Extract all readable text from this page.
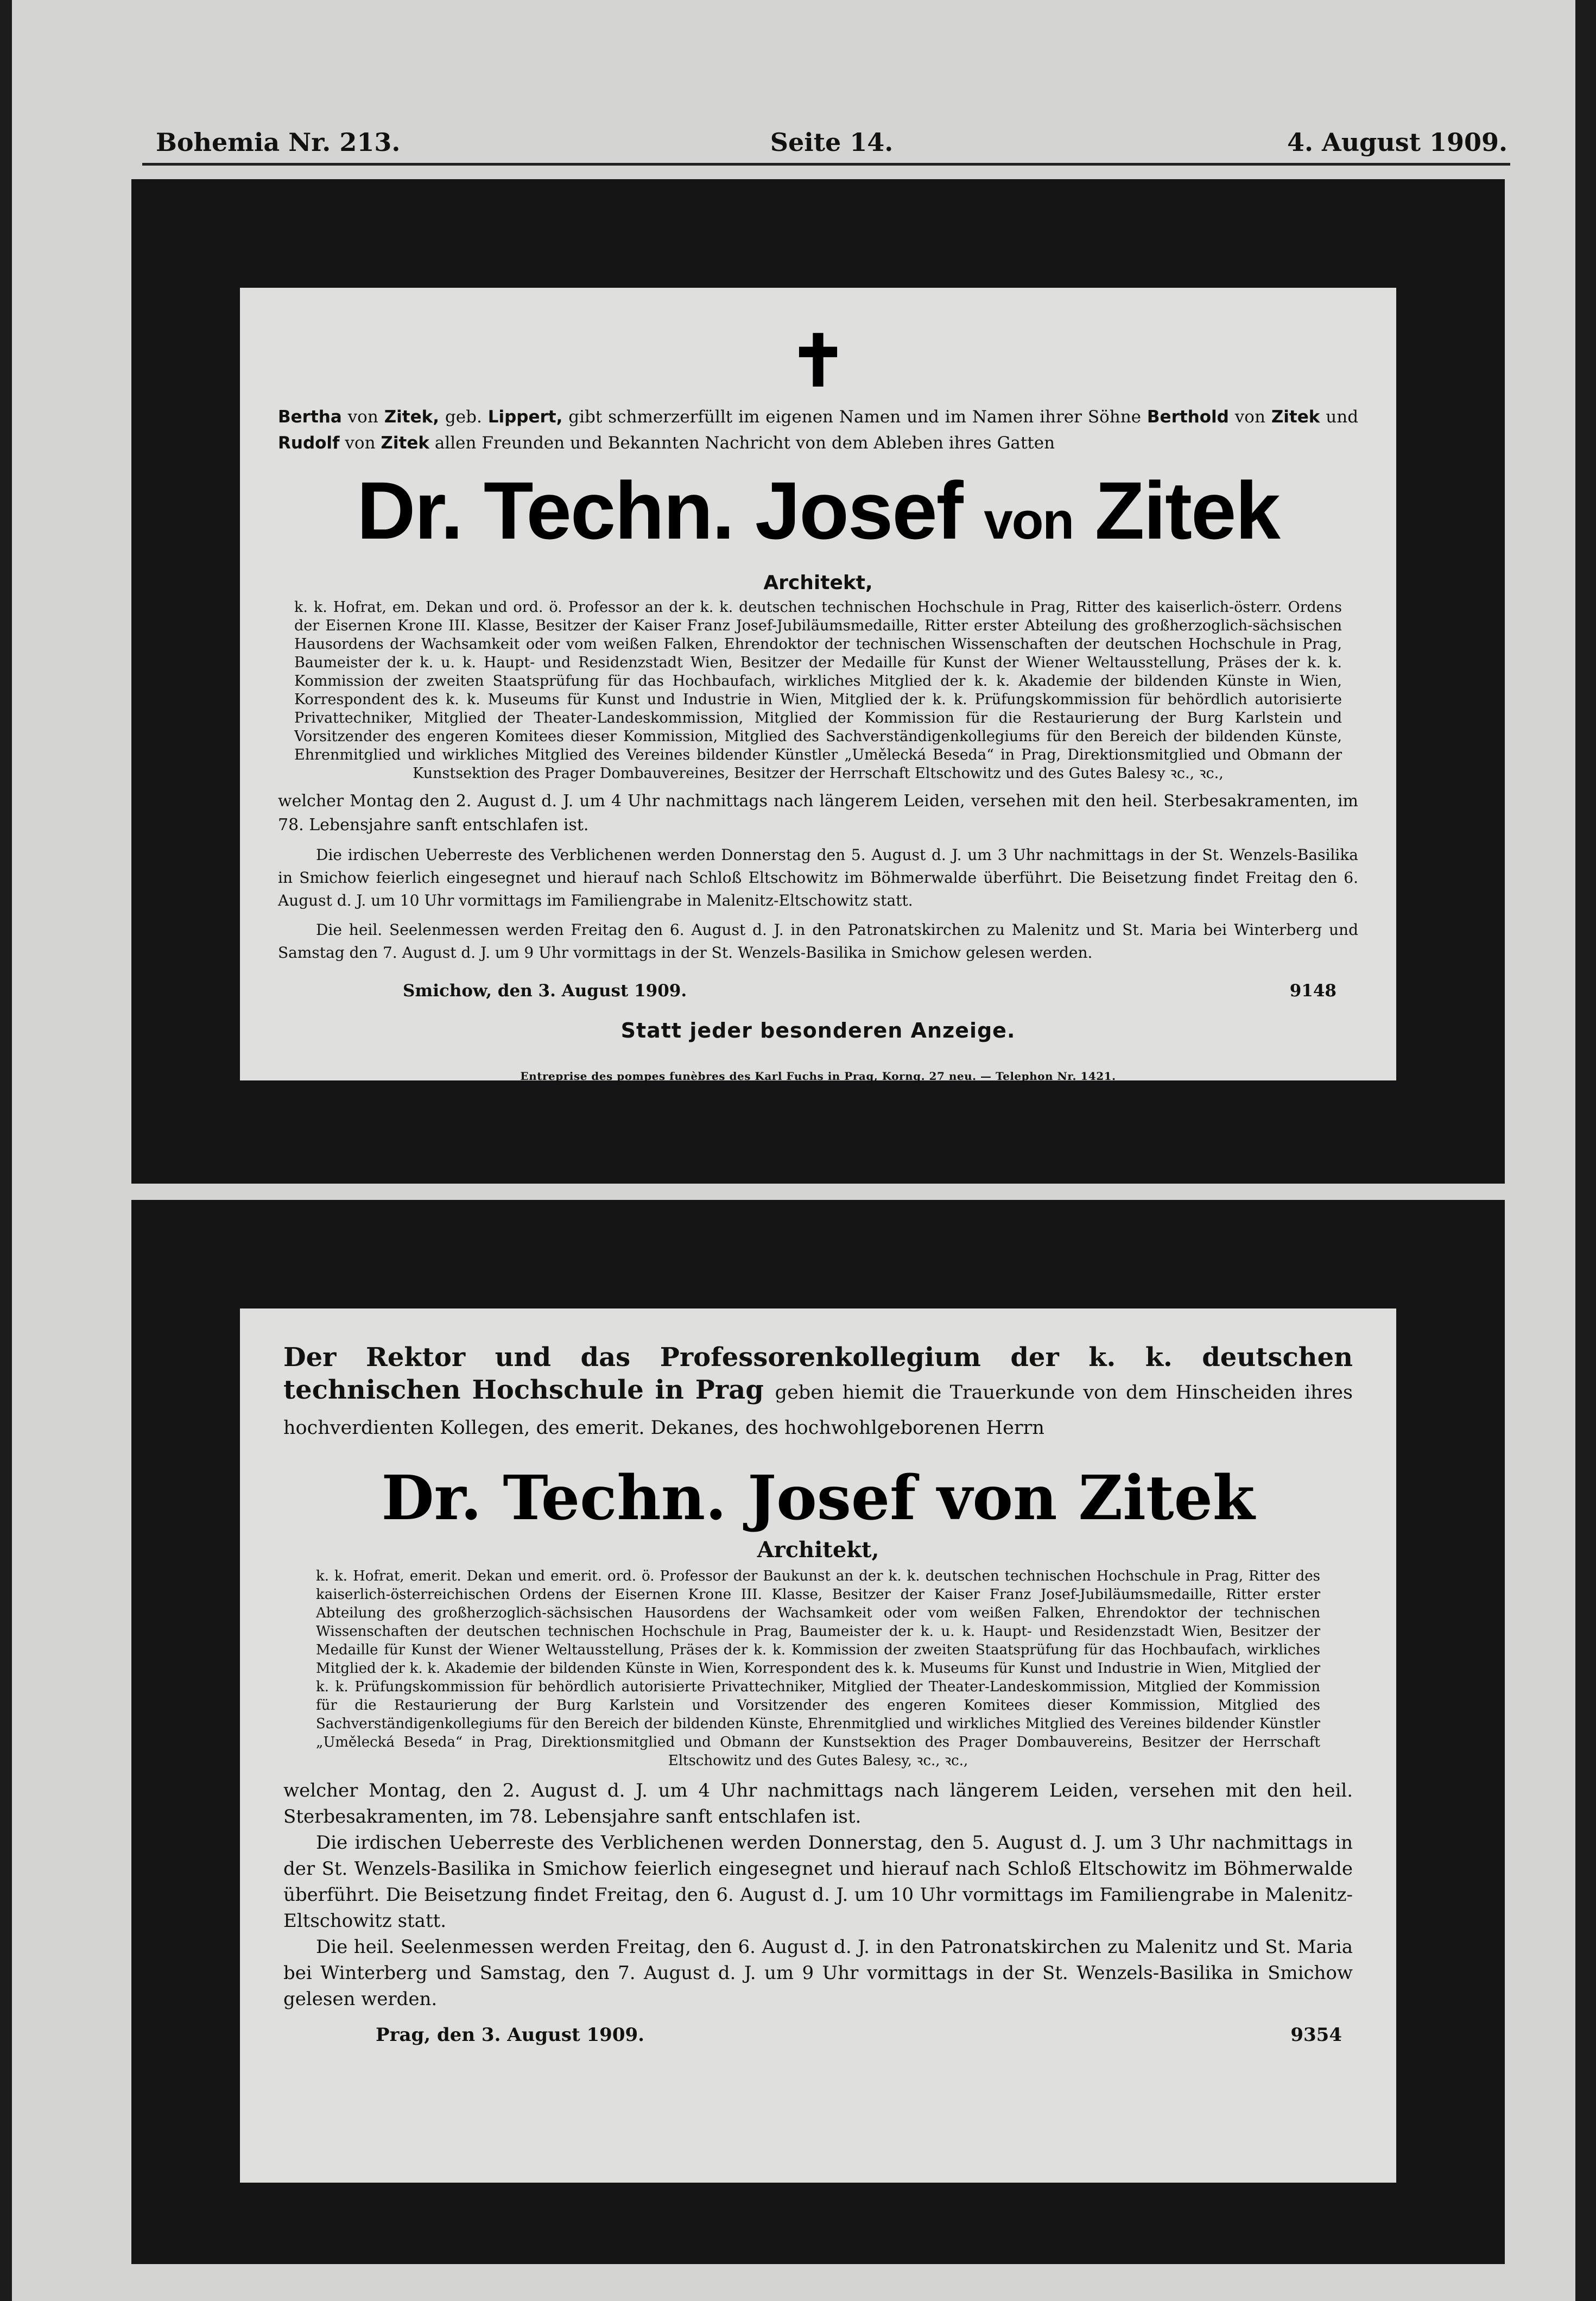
Bohemia Nr. 213.	Seite 14.	4. August 1909.
✝
Bertha von Zitek, geb. Lippert, gibt schmerzerfüllt im eigenen Namen und im Namen ihrer Söhne Berthold von Zitek und Rudolf von Zitek allen Freunden und Bekannten Nachricht von dem Ableben ihres Gatten
Dr. Techn. Josef von Zitek
Architekt,
k. k. Hofrat, em. Dekan und ord. ö. Professor an der k. k. deutschen technischen Hochschule in Prag, Ritter des kaiserlich-österr. Ordens der Eisernen Krone III. Klasse, Besitzer der Kaiser Franz Josef-Jubiläumsmedaille, Ritter erster Abteilung des großherzoglich-sächsischen Hausordens der Wachsamkeit oder vom weißen Falken, Ehrendoktor der technischen Wissenschaften der deutschen Hochschule in Prag, Baumeister der k. u. k. Haupt- und Residenzstadt Wien, Besitzer der Medaille für Kunst der Wiener Weltausstellung, Präses der k. k. Kommission der zweiten Staatsprüfung für das Hochbaufach, wirkliches Mitglied der k. k. Akademie der bildenden Künste in Wien, Korrespondent des k. k. Museums für Kunst und Industrie in Wien, Mitglied der k. k. Prüfungskommission für behördlich autorisierte Privattechniker, Mitglied der Theater-Landeskommission, Mitglied der Kommission für die Restaurierung der Burg Karlstein und Vorsitzender des engeren Komitees dieser Kommission, Mitglied des Sachverständigenkollegiums für den Bereich der bildenden Künste, Ehrenmitglied und wirkliches Mitglied des Vereines bildender Künstler „Umělecká Beseda“ in Prag, Direktionsmitglied und Obmann der Kunstsektion des Prager Dombauvereines, Besitzer der Herrschaft Eltschowitz und des Gutes Balesy ꝛc., ꝛc.,
welcher Montag den 2. August d. J. um 4 Uhr nachmittags nach längerem Leiden, versehen mit den heil. Sterbesakramenten, im 78. Lebensjahre sanft entschlafen ist.
Die irdischen Ueberreste des Verblichenen werden Donnerstag den 5. August d. J. um 3 Uhr nachmittags in der St. Wenzels-Basilika in Smichow feierlich eingesegnet und hierauf nach Schloß Eltschowitz im Böhmerwalde überführt. Die Beisetzung findet Freitag den 6. August d. J. um 10 Uhr vormittags im Familiengrabe in Malenitz-Eltschowitz statt.
Die heil. Seelenmessen werden Freitag den 6. August d. J. in den Patronatskirchen zu Malenitz und St. Maria bei Winterberg und Samstag den 7. August d. J. um 9 Uhr vormittags in der St. Wenzels-Basilika in Smichow gelesen werden.
Smichow, den 3. August 1909.	9148
Statt jeder besonderen Anzeige.
Entreprise des pompes funèbres des Karl Fuchs in Prag, Korng. 27 neu. — Telephon Nr. 1421.
Der Rektor und das Professorenkollegium der k. k. deutschen technischen Hochschule in Prag geben hiemit die Trauerkunde von dem Hinscheiden ihres hochverdienten Kollegen, des emerit. Dekanes, des hochwohlgeborenen Herrn
Dr. Techn. Josef von Zitek
Architekt,
k. k. Hofrat, emerit. Dekan und emerit. ord. ö. Professor der Baukunst an der k. k. deutschen technischen Hochschule in Prag, Ritter des kaiserlich-österreichischen Ordens der Eisernen Krone III. Klasse, Besitzer der Kaiser Franz Josef-Jubiläumsmedaille, Ritter erster Abteilung des großherzoglich-sächsischen Hausordens der Wachsamkeit oder vom weißen Falken, Ehrendoktor der technischen Wissenschaften der deutschen technischen Hochschule in Prag, Baumeister der k. u. k. Haupt- und Residenzstadt Wien, Besitzer der Medaille für Kunst der Wiener Weltausstellung, Präses der k. k. Kommission der zweiten Staatsprüfung für das Hochbaufach, wirkliches Mitglied der k. k. Akademie der bildenden Künste in Wien, Korrespondent des k. k. Museums für Kunst und Industrie in Wien, Mitglied der k. k. Prüfungskommission für behördlich autorisierte Privattechniker, Mitglied der Theater-Landeskommission, Mitglied der Kommission für die Restaurierung der Burg Karlstein und Vorsitzender des engeren Komitees dieser Kommission, Mitglied des Sachverständigenkollegiums für den Bereich der bildenden Künste, Ehrenmitglied und wirkliches Mitglied des Vereines bildender Künstler „Umělecká Beseda“ in Prag, Direktionsmitglied und Obmann der Kunstsektion des Prager Dombauvereins, Besitzer der Herrschaft Eltschowitz und des Gutes Balesy, ꝛc., ꝛc.,
welcher Montag, den 2. August d. J. um 4 Uhr nachmittags nach längerem Leiden, versehen mit den heil. Sterbesakramenten, im 78. Lebensjahre sanft entschlafen ist.
Die irdischen Ueberreste des Verblichenen werden Donnerstag, den 5. August d. J. um 3 Uhr nachmittags in der St. Wenzels-Basilika in Smichow feierlich eingesegnet und hierauf nach Schloß Eltschowitz im Böhmerwalde überführt. Die Beisetzung findet Freitag, den 6. August d. J. um 10 Uhr vormittags im Familiengrabe in Malenitz-Eltschowitz statt.
Die heil. Seelenmessen werden Freitag, den 6. August d. J. in den Patronatskirchen zu Malenitz und St. Maria bei Winterberg und Samstag, den 7. August d. J. um 9 Uhr vormittags in der St. Wenzels-Basilika in Smichow gelesen werden.
Prag, den 3. August 1909.	9354
